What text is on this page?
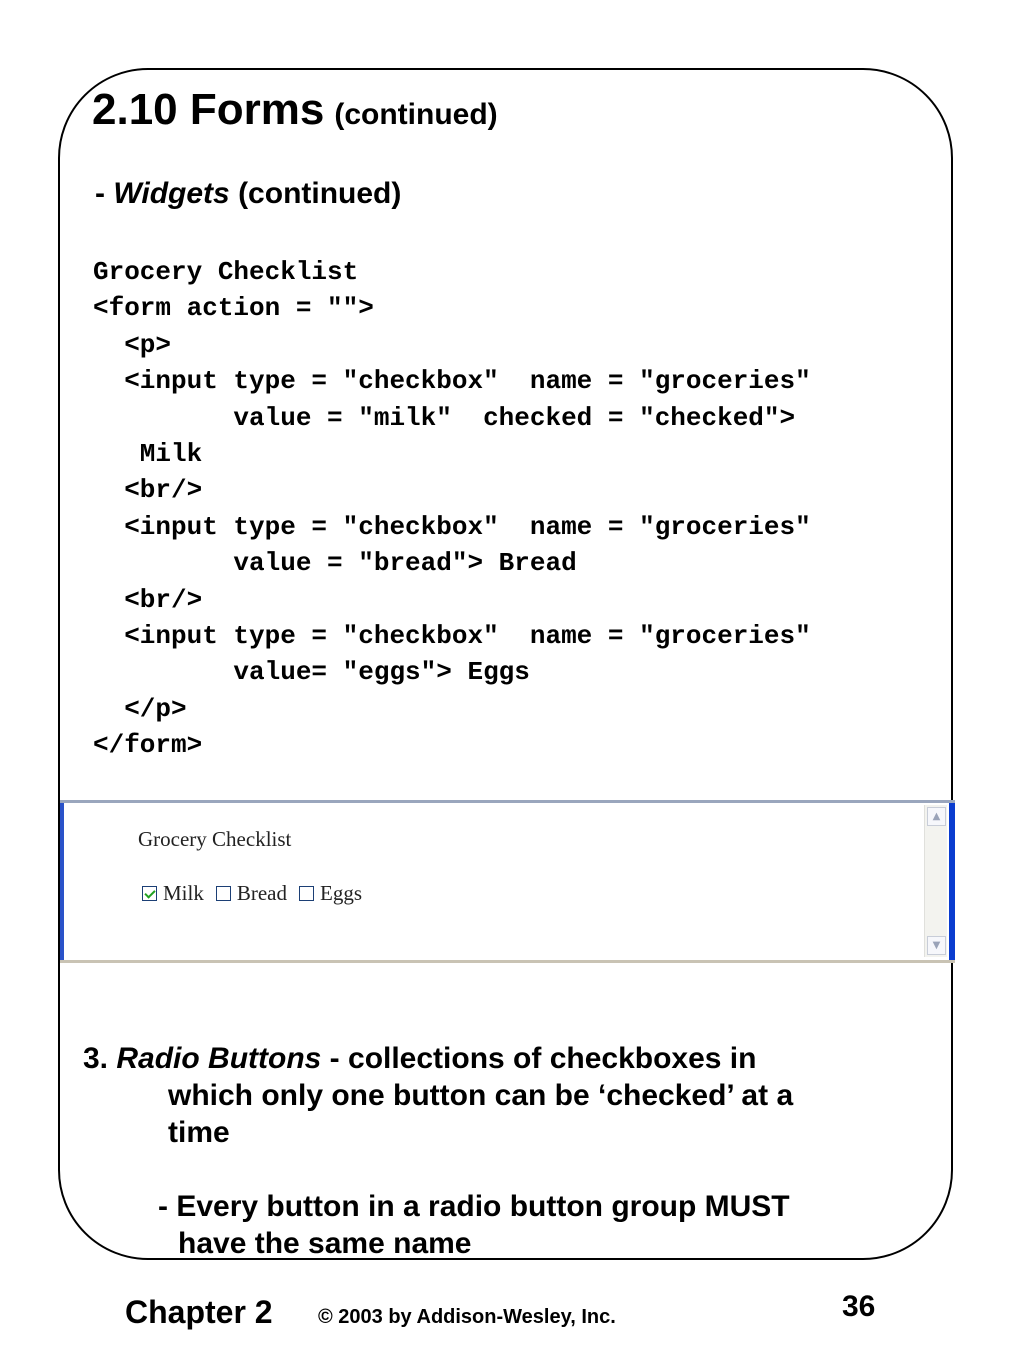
2.10 Forms (continued)
- Widgets (continued)
Grocery Checklist
<form action = "">
<p>
<input type = "checkbox"  name = "groceries"
value = "milk"  checked = "checked">
Milk
<br/>
<input type = "checkbox"  name = "groceries"
value = "bread"> Bread
<br/>
<input type = "checkbox"  name = "groceries"
value= "eggs"> Eggs
</p>
</form>
Grocery Checklist
Milk Bread Eggs
▲
▼
3. Radio Buttons - collections of checkboxes in
which only one button can be ‘checked’ at a
time
- Every button in a radio button group MUST
have the same name
Chapter 2 © 2003 by Addison-Wesley, Inc.	36
